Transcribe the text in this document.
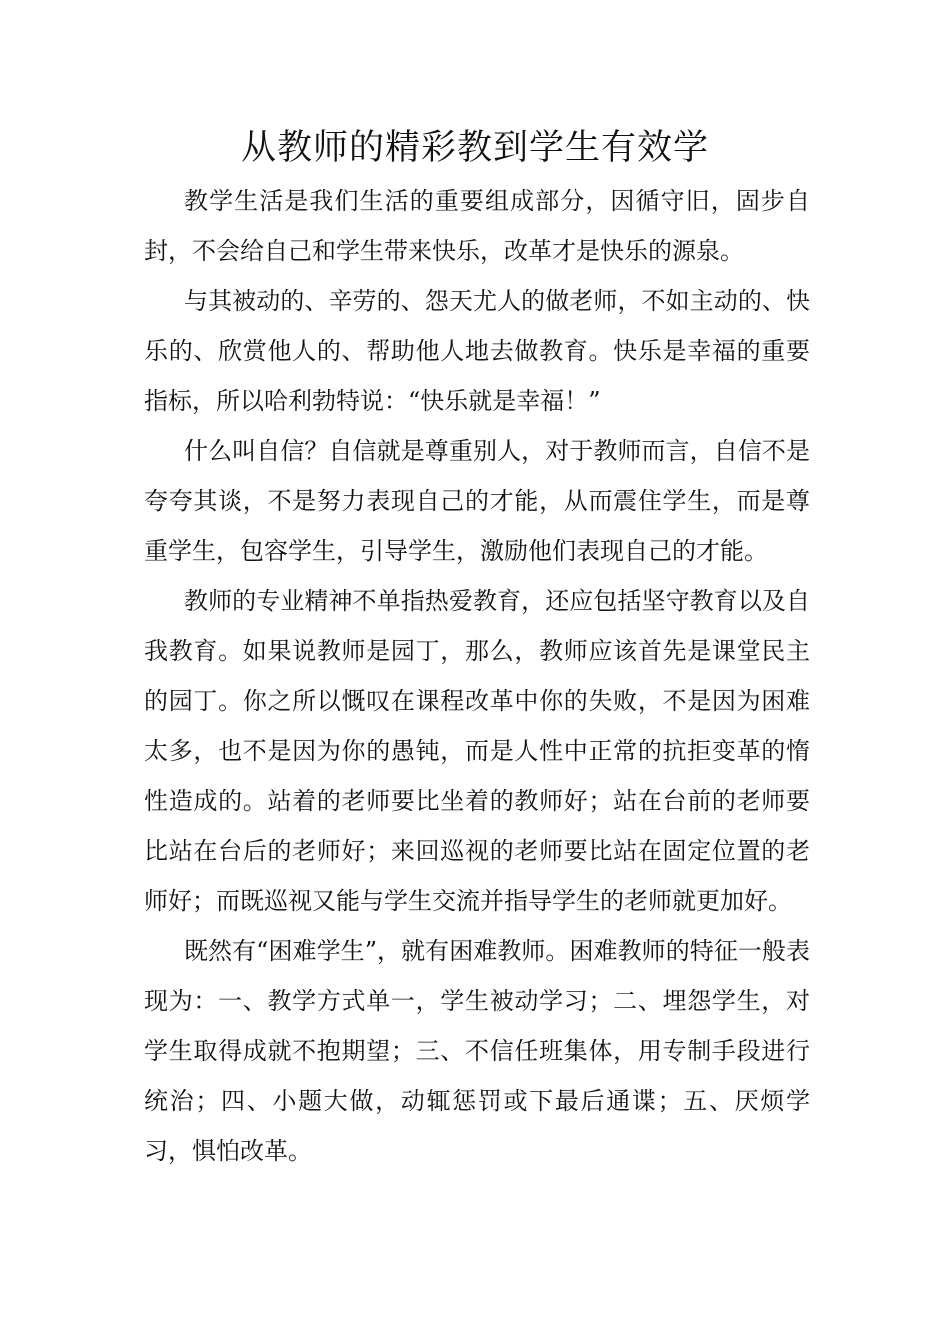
从教师的精彩教到学生有效学

教学生活是我们生活的重要组成部分，因循守旧，固步自封，不会给自己和学生带来快乐，改革才是快乐的源泉。

与其被动的、辛劳的、怨天尤人的做老师，不如主动的、快乐的、欣赏他人的、帮助他人地去做教育。快乐是幸福的重要指标，所以哈利勃特说：“快乐就是幸福！”

什么叫自信？自信就是尊重别人，对于教师而言，自信不是夸夸其谈，不是努力表现自己的才能，从而震住学生，而是尊重学生，包容学生，引导学生，激励他们表现自己的才能。

教师的专业精神不单指热爱教育，还应包括坚守教育以及自我教育。如果说教师是园丁，那么，教师应该首先是课堂民主的园丁。你之所以慨叹在课程改革中你的失败，不是因为困难太多，也不是因为你的愚钝，而是人性中正常的抗拒变革的惰性造成的。站着的老师要比坐着的教师好；站在台前的老师要比站在台后的老师好；来回巡视的老师要比站在固定位置的老师好；而既巡视又能与学生交流并指导学生的老师就更加好。

既然有“困难学生”，就有困难教师。困难教师的特征一般表现为：一、教学方式单一，学生被动学习；二、埋怨学生，对学生取得成就不抱期望；三、不信任班集体，用专制手段进行统治；四、小题大做，动辄惩罚或下最后通谍；五、厌烦学习，惧怕改革。
